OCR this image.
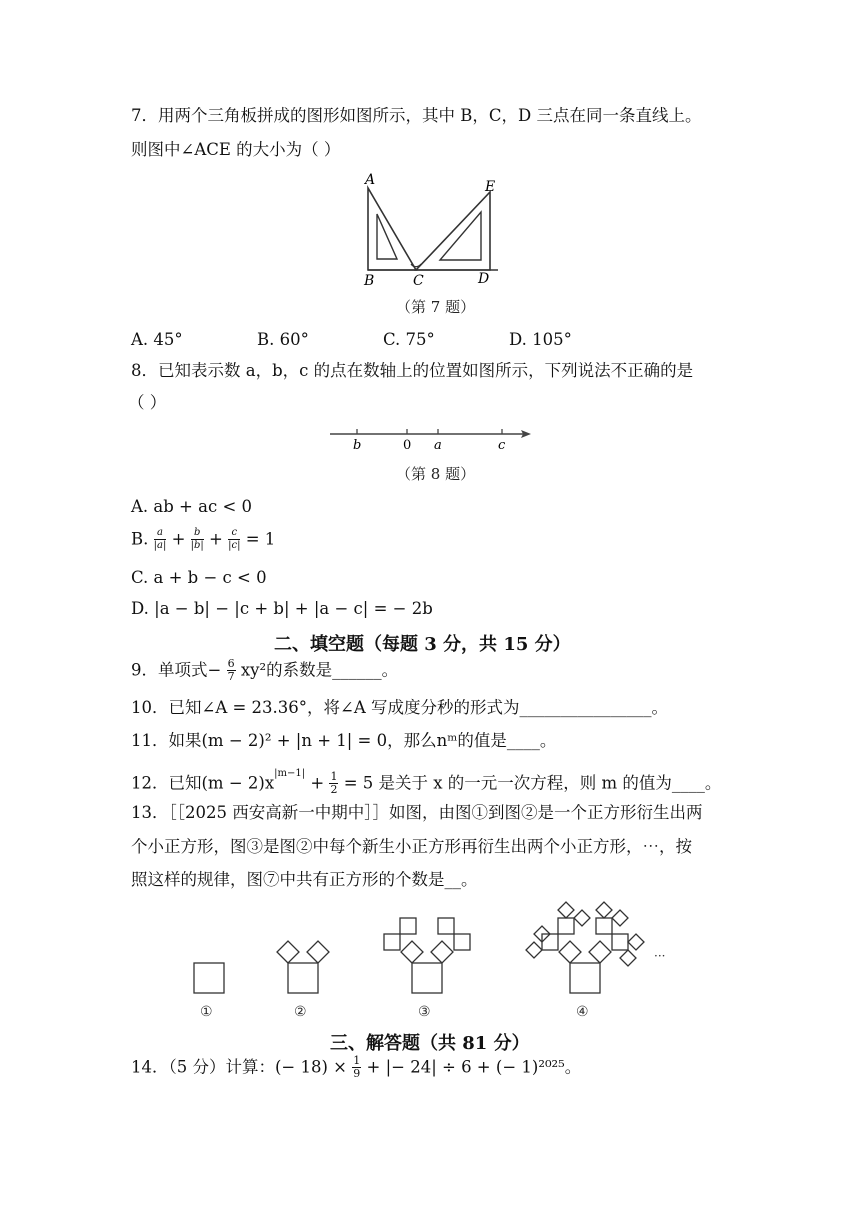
7．用两个三角板拼成的图形如图所示，其中 B，C，D 三点在同一条直线上。
则图中∠ACE 的大小为（ ）
A	E
B	C	D
（第 7 题）
A. 45°	B. 60°	C. 75°	D. 105°
8．已知表示数 a，b，c 的点在数轴上的位置如图所示，下列说法不正确的是
（ ）
b	0 a	c
（第 8 题）
A. ab + ac < 0
B. $\frac{a}{|a|} + \frac{b}{|b|} + \frac{c}{|c|} = 1$
C. a + b − c < 0
D. |a − b| − |c + b| + |a − c| = − 2b
二、填空题（每题 3 分，共 15 分）
9．单项式− $\frac{6}{7} xy^2$的系数是______。
10．已知∠A = 23.36°，将∠A 写成度分秒的形式为________________。
11．如果(m − 2)² + |n + 1| = 0，那么nᵐ的值是____。
12．已知$(m - 2)x^{|m-1|} + \frac{1}{2} = 5$ 是关于 x 的一元一次方程，则 m 的值为____。
13．［［2025 西安高新一中期中］］如图，由图①到图②是一个正方形衍生出两
个小正方形，图③是图②中每个新生小正方形再衍生出两个小正方形，⋯，按
照这样的规律，图⑦中共有正方形的个数是__。
①	②	③	④
···
三、解答题（共 81 分）
14．（5 分）计算：(− $18) \times \frac{1}{9}$ + |− 24| ÷ 6 + (− 1)²⁰²⁵。
